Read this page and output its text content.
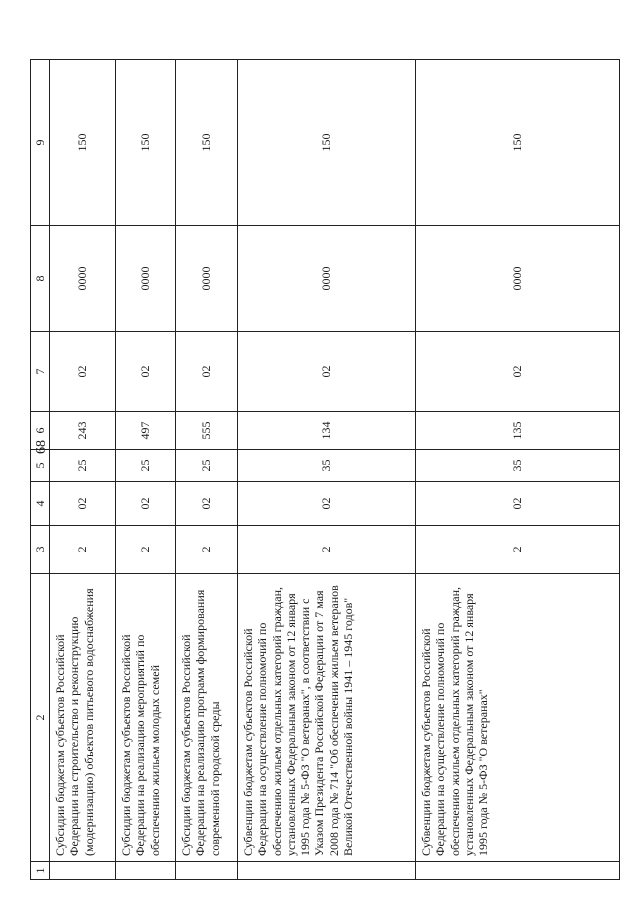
68
1	2	3	4	5	6	7	8	9
	Субсидии бюджетам субъектов Российской Федерации на строительство и реконструкцию (модернизацию) объектов питьевого водоснабжения	2	02	25	243	02	0000	150
	Субсидии бюджетам субъектов Российской Федерации на реализацию мероприятий по обеспечению жильем молодых семей	2	02	25	497	02	0000	150
	Субсидии бюджетам субъектов Российской Федерации на реализацию программ формирования современной городской среды	2	02	25	555	02	0000	150
	Субвенции бюджетам субъектов Российской Федерации на осуществление полномочий по обеспечению жильем отдельных категорий граждан, установленных Федеральным законом от 12 января 1995 года № 5-ФЗ "О ветеранах", в соответствии с Указом Президента Российской Федерации от 7 мая 2008 года № 714 "Об обеспечении жильем ветеранов Великой Отечественной войны 1941 – 1945 годов"	2	02	35	134	02	0000	150
	Субвенции бюджетам субъектов Российской Федерации на осуществление полномочий по обеспечению жильем отдельных категорий граждан, установленных Федеральным законом от 12 января 1995 года № 5-ФЗ "О ветеранах"	2	02	35	135	02	0000	150
